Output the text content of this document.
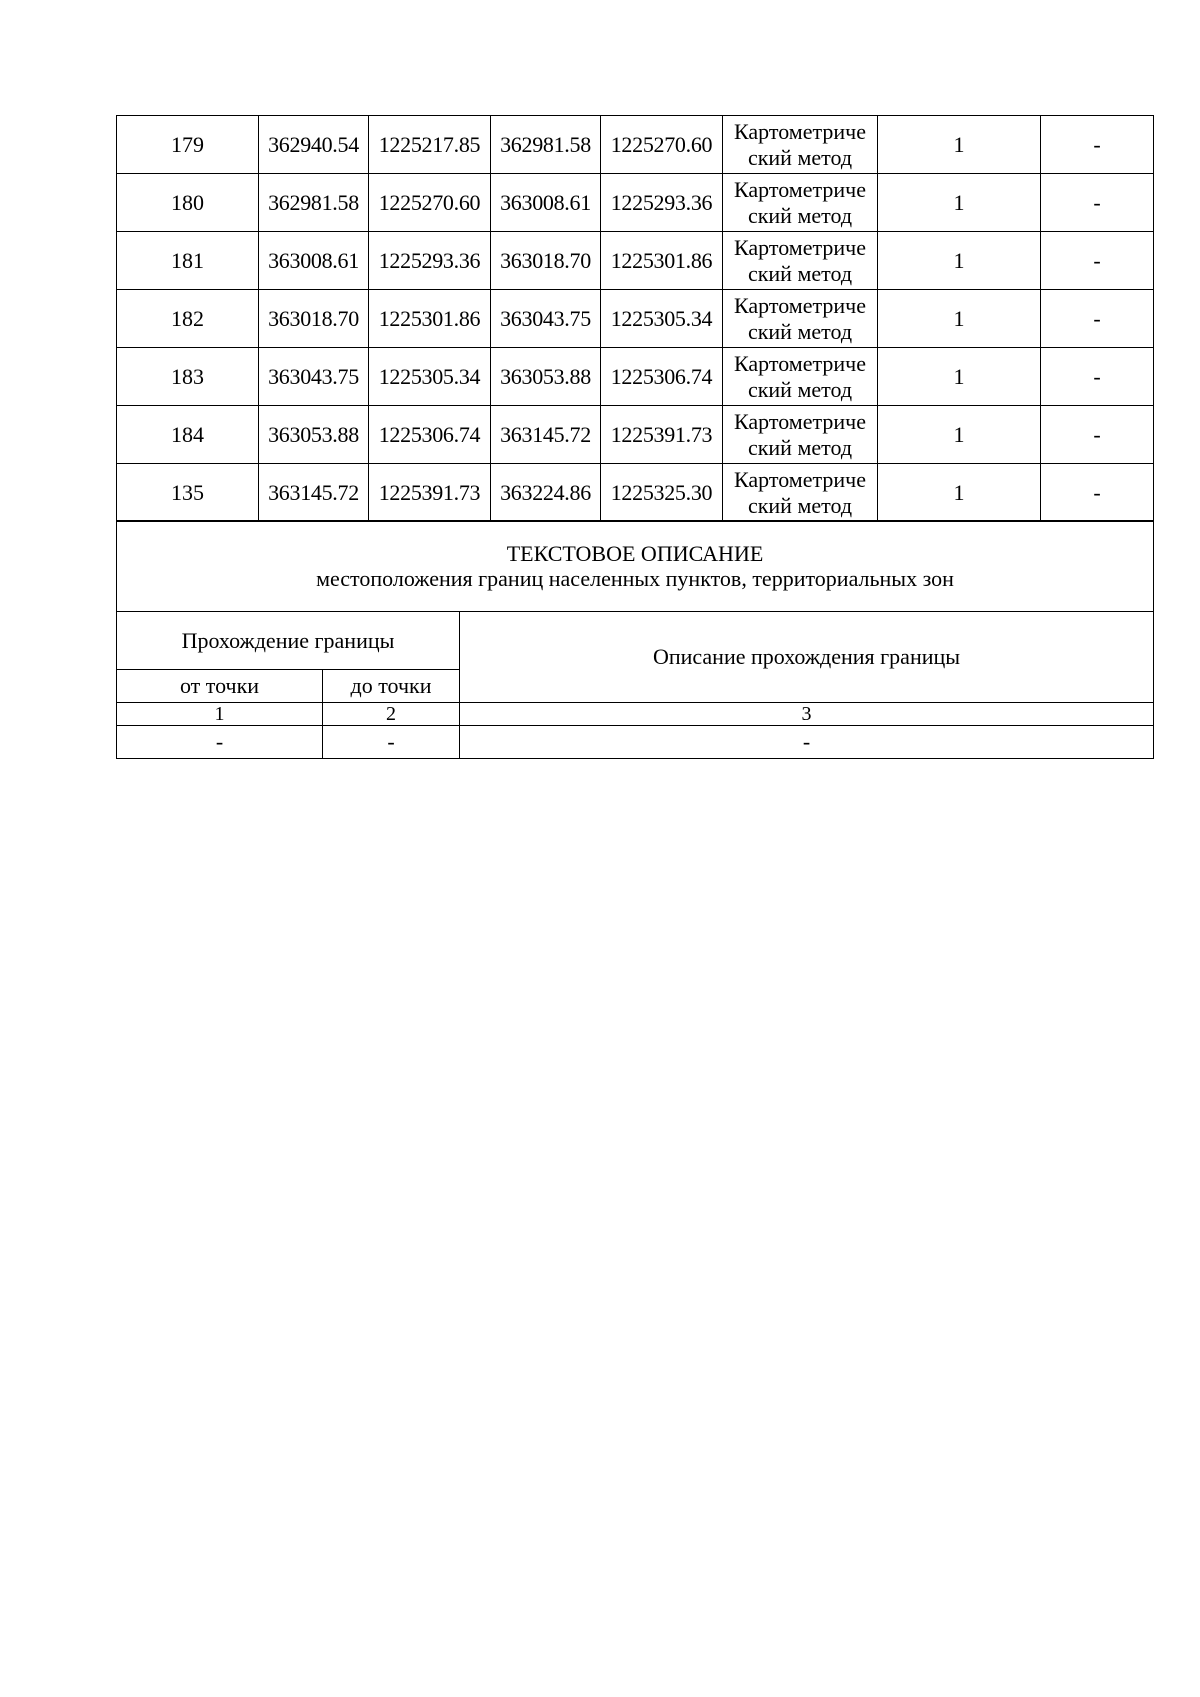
179	362940.54	1225217.85	362981.58	1225270.60	Картометриче
ский метод	1	-
180	362981.58	1225270.60	363008.61	1225293.36	Картометриче
ский метод	1	-
181	363008.61	1225293.36	363018.70	1225301.86	Картометриче
ский метод	1	-
182	363018.70	1225301.86	363043.75	1225305.34	Картометриче
ский метод	1	-
183	363043.75	1225305.34	363053.88	1225306.74	Картометриче
ский метод	1	-
184	363053.88	1225306.74	363145.72	1225391.73	Картометриче
ский метод	1	-
135	363145.72	1225391.73	363224.86	1225325.30	Картометриче
ский метод	1	-
ТЕКСТОВОЕ ОПИСАНИЕ
местоположения границ населенных пунктов, территориальных зон		

Прохождение границы		Описание прохождения границы
от точки	до точки	
1	2	3
-	-	-
